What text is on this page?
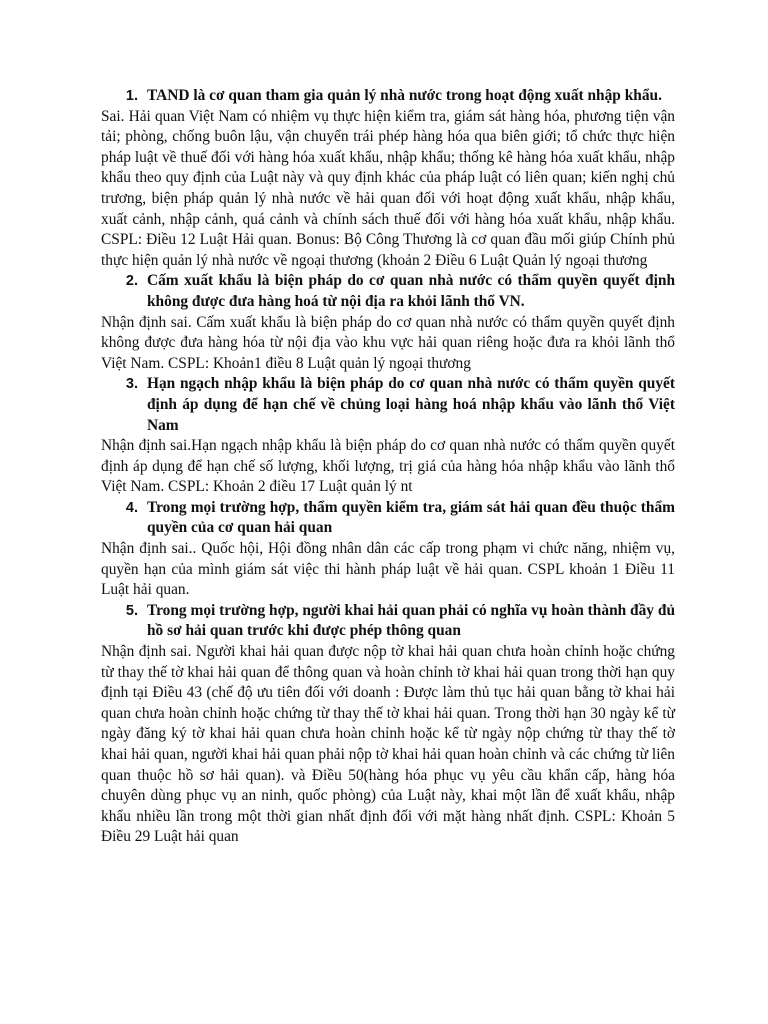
1. TAND là cơ quan tham gia quản lý nhà nước trong hoạt động xuất nhập khẩu.

Sai. Hải quan Việt Nam có nhiệm vụ thực hiện kiểm tra, giám sát hàng hóa, phương tiện vận tải; phòng, chống buôn lậu, vận chuyển trái phép hàng hóa qua biên giới; tổ chức thực hiện pháp luật về thuế đối với hàng hóa xuất khẩu, nhập khẩu; thống kê hàng hóa xuất khẩu, nhập khẩu theo quy định của Luật này và quy định khác của pháp luật có liên quan; kiến nghị chủ trương, biện pháp quản lý nhà nước về hải quan đối với hoạt động xuất khẩu, nhập khẩu, xuất cảnh, nhập cảnh, quá cảnh và chính sách thuế đối với hàng hóa xuất khẩu, nhập khẩu. CSPL: Điều 12 Luật Hải quan. Bonus: Bộ Công Thương là cơ quan đầu mối giúp Chính phủ thực hiện quản lý nhà nước về ngoại thương (khoản 2 Điều 6 Luật Quản lý ngoại thương

2. Cấm xuất khẩu là biện pháp do cơ quan nhà nước có thẩm quyền quyết định không được đưa hàng hoá từ nội địa ra khỏi lãnh thổ VN.

Nhận định sai. Cấm xuất khẩu là biện pháp do cơ quan nhà nước có thẩm quyền quyết định không được đưa hàng hóa từ nội địa vào khu vực hải quan riêng hoặc đưa ra khỏi lãnh thổ Việt Nam. CSPL: Khoản1 điều 8 Luật quản lý ngoại thương

3. Hạn ngạch nhập khẩu là biện pháp do cơ quan nhà nước có thẩm quyền quyết định áp dụng để hạn chế về chủng loại hàng hoá nhập khẩu vào lãnh thổ Việt Nam

Nhận định sai.Hạn ngạch nhập khẩu là biện pháp do cơ quan nhà nước có thẩm quyền quyết định áp dụng để hạn chế số lượng, khối lượng, trị giá của hàng hóa nhập khẩu vào lãnh thổ Việt Nam. CSPL: Khoản 2 điều 17 Luật quản lý nt

4. Trong mọi trường hợp, thẩm quyền kiểm tra, giám sát hải quan đều thuộc thẩm quyền của cơ quan hải quan

Nhận định sai.. Quốc hội, Hội đồng nhân dân các cấp trong phạm vi chức năng, nhiệm vụ, quyền hạn của mình giám sát việc thi hành pháp luật về hải quan. CSPL khoản 1 Điều 11 Luật hải quan.

5. Trong mọi trường hợp, người khai hải quan phải có nghĩa vụ hoàn thành đầy đủ hồ sơ hải quan trước khi được phép thông quan

Nhận định sai. Người khai hải quan được nộp tờ khai hải quan chưa hoàn chỉnh hoặc chứng từ thay thế tờ khai hải quan để thông quan và hoàn chỉnh tờ khai hải quan trong thời hạn quy định tại Điều 43 (chế độ ưu tiên đối với doanh : Được làm thủ tục hải quan bằng tờ khai hải quan chưa hoàn chỉnh hoặc chứng từ thay thế tờ khai hải quan. Trong thời hạn 30 ngày kể từ ngày đăng ký tờ khai hải quan chưa hoàn chỉnh hoặc kể từ ngày nộp chứng từ thay thế tờ khai hải quan, người khai hải quan phải nộp tờ khai hải quan hoàn chỉnh và các chứng từ liên quan thuộc hồ sơ hải quan). và Điều 50(hàng hóa phục vụ yêu cầu khẩn cấp, hàng hóa chuyên dùng phục vụ an ninh, quốc phòng) của Luật này, khai một lần để xuất khẩu, nhập khẩu nhiều lần trong một thời gian nhất định đối với mặt hàng nhất định. CSPL: Khoản 5 Điều 29 Luật hải quan
